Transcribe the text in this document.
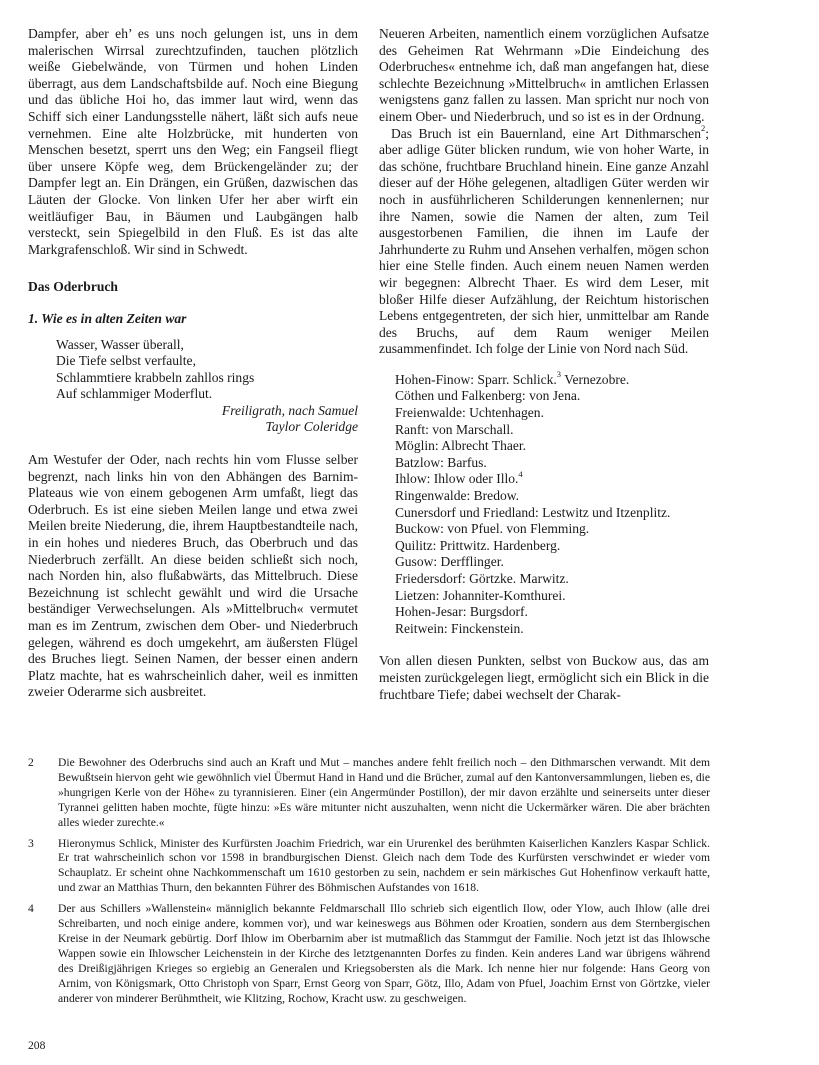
Dampfer, aber eh’ es uns noch gelungen ist, uns in dem malerischen Wirrsal zurechtzufinden, tauchen plötzlich weiße Giebelwände, von Türmen und hohen Linden überragt, aus dem Landschaftsbilde auf. Noch eine Biegung und das übliche Hoi ho, das immer laut wird, wenn das Schiff sich einer Landungsstelle nähert, läßt sich aufs neue vernehmen. Eine alte Holzbrücke, mit hunderten von Menschen besetzt, sperrt uns den Weg; ein Fangseil fliegt über unsere Köpfe weg, dem Brückengeländer zu; der Dampfer legt an. Ein Drängen, ein Grüßen, dazwischen das Läuten der Glocke. Von linken Ufer her aber wirft ein weitläufiger Bau, in Bäumen und Laubgängen halb versteckt, sein Spiegelbild in den Fluß. Es ist das alte Markgrafenschloß. Wir sind in Schwedt.

Das Oderbruch

1. Wie es in alten Zeiten war

Wasser, Wasser überall,
Die Tiefe selbst verfaulte,
Schlammtiere krabbeln zahllos rings
Auf schlammiger Moderflut.
Freiligrath, nach Samuel
Taylor Coleridge

Am Westufer der Oder, nach rechts hin vom Flusse selber begrenzt, nach links hin von den Abhängen des Barnim-Plateaus wie von einem gebogenen Arm umfaßt, liegt das Oderbruch. Es ist eine sieben Meilen lange und etwa zwei Meilen breite Niederung, die, ihrem Hauptbestandteile nach, in ein hohes und niederes Bruch, das Oberbruch und das Niederbruch zerfällt. An diese beiden schließt sich noch, nach Norden hin, also flußabwärts, das Mittelbruch. Diese Bezeichnung ist schlecht gewählt und wird die Ursache beständiger Verwechselungen. Als »Mittelbruch« vermutet man es im Zentrum, zwischen dem Ober- und Niederbruch gelegen, während es doch umgekehrt, am äußersten Flügel des Bruches liegt. Seinen Namen, der besser einen andern Platz machte, hat es wahrscheinlich daher, weil es inmitten zweier Oderarme sich ausbreitet.

Neueren Arbeiten, namentlich einem vorzüglichen Aufsatze des Geheimen Rat Wehrmann »Die Eindeichung des Oderbruches« entnehme ich, daß man angefangen hat, diese schlechte Bezeichnung »Mittelbruch« in amtlichen Erlassen wenigstens ganz fallen zu lassen. Man spricht nur noch von einem Ober- und Niederbruch, und so ist es in der Ordnung.

Das Bruch ist ein Bauernland, eine Art Dithmarschen$^2$; aber adlige Güter blicken rundum, wie von hoher Warte, in das schöne, fruchtbare Bruchland hinein. Eine ganze Anzahl dieser auf der Höhe gelegenen, altadligen Güter werden wir noch in ausführlicheren Schilderungen kennenlernen; nur ihre Namen, sowie die Namen der alten, zum Teil ausgestorbenen Familien, die ihnen im Laufe der Jahrhunderte zu Ruhm und Ansehen verhalfen, mögen schon hier eine Stelle finden. Auch einem neuen Namen werden wir begegnen: Albrecht Thaer. Es wird dem Leser, mit bloßer Hilfe dieser Aufzählung, der Reichtum historischen Lebens entgegentreten, der sich hier, unmittelbar am Rande des Bruchs, auf dem Raum weniger Meilen zusammenfindet. Ich folge der Linie von Nord nach Süd.

Hohen-Finow: Sparr. Schlick.$^3$ Vernezobre.
Cöthen und Falkenberg: von Jena.
Freienwalde: Uchtenhagen.
Ranft: von Marschall.
Möglin: Albrecht Thaer.
Batzlow: Barfus.
Ihlow: Ihlow oder Illo.$^4$
Ringenwalde: Bredow.
Cunersdorf und Friedland: Lestwitz und Itzenplitz.
Buckow: von Pfuel. von Flemming.
Quilitz: Prittwitz. Hardenberg.
Gusow: Derfflinger.
Friedersdorf: Görtzke. Marwitz.
Lietzen: Johanniter-Komthurei.
Hohen-Jesar: Burgsdorf.
Reitwein: Finckenstein.

Von allen diesen Punkten, selbst von Buckow aus, das am meisten zurückgelegen liegt, ermöglicht sich ein Blick in die fruchtbare Tiefe; dabei wechselt der Charak-

2 Die Bewohner des Oderbruchs sind auch an Kraft und Mut – manches andere fehlt freilich noch – den Dithmarschen verwandt. Mit dem Bewußtsein hiervon geht wie gewöhnlich viel Übermut Hand in Hand und die Brücher, zumal auf den Kantonversammlungen, lieben es, die »hungrigen Kerle von der Höhe« zu tyrannisieren. Einer (ein Angermünder Postillon), der mir davon erzählte und seinerseits unter dieser Tyrannei gelitten haben mochte, fügte hinzu: »Es wäre mitunter nicht auszuhalten, wenn nicht die Uckermärker wären. Die aber brächten alles wieder zurechte.«
3 Hieronymus Schlick, Minister des Kurfürsten Joachim Friedrich, war ein Ururenkel des berühmten Kaiserlichen Kanzlers Kaspar Schlick. Er trat wahrscheinlich schon vor 1598 in brandburgischen Dienst. Gleich nach dem Tode des Kurfürsten verschwindet er wieder vom Schauplatz. Er scheint ohne Nachkommenschaft um 1610 gestorben zu sein, nachdem er sein märkisches Gut Hohenfinow verkauft hatte, und zwar an Matthias Thurn, den bekannten Führer des Böhmischen Aufstandes von 1618.
4 Der aus Schillers »Wallenstein« männiglich bekannte Feldmarschall Illo schrieb sich eigentlich Ilow, oder Ylow, auch Ihlow (alle drei Schreibarten, und noch einige andere, kommen vor), und war keineswegs aus Böhmen oder Kroatien, sondern aus dem Sternbergischen Kreise in der Neumark gebürtig. Dorf Ihlow im Oberbarnim aber ist mutmaßlich das Stammgut der Familie. Noch jetzt ist das Ihlowsche Wappen sowie ein Ihlowscher Leichenstein in der Kirche des letztgenannten Dorfes zu finden. Kein anderes Land war übrigens während des Dreißigjährigen Krieges so ergiebig an Generalen und Kriegsobersten als die Mark. Ich nenne hier nur folgende: Hans Georg von Arnim, von Königsmark, Otto Christoph von Sparr, Ernst Georg von Sparr, Götz, Illo, Adam von Pfuel, Joachim Ernst von Görtzke, vieler anderer von minderer Berühmtheit, wie Klitzing, Rochow, Kracht usw. zu geschweigen.
208
